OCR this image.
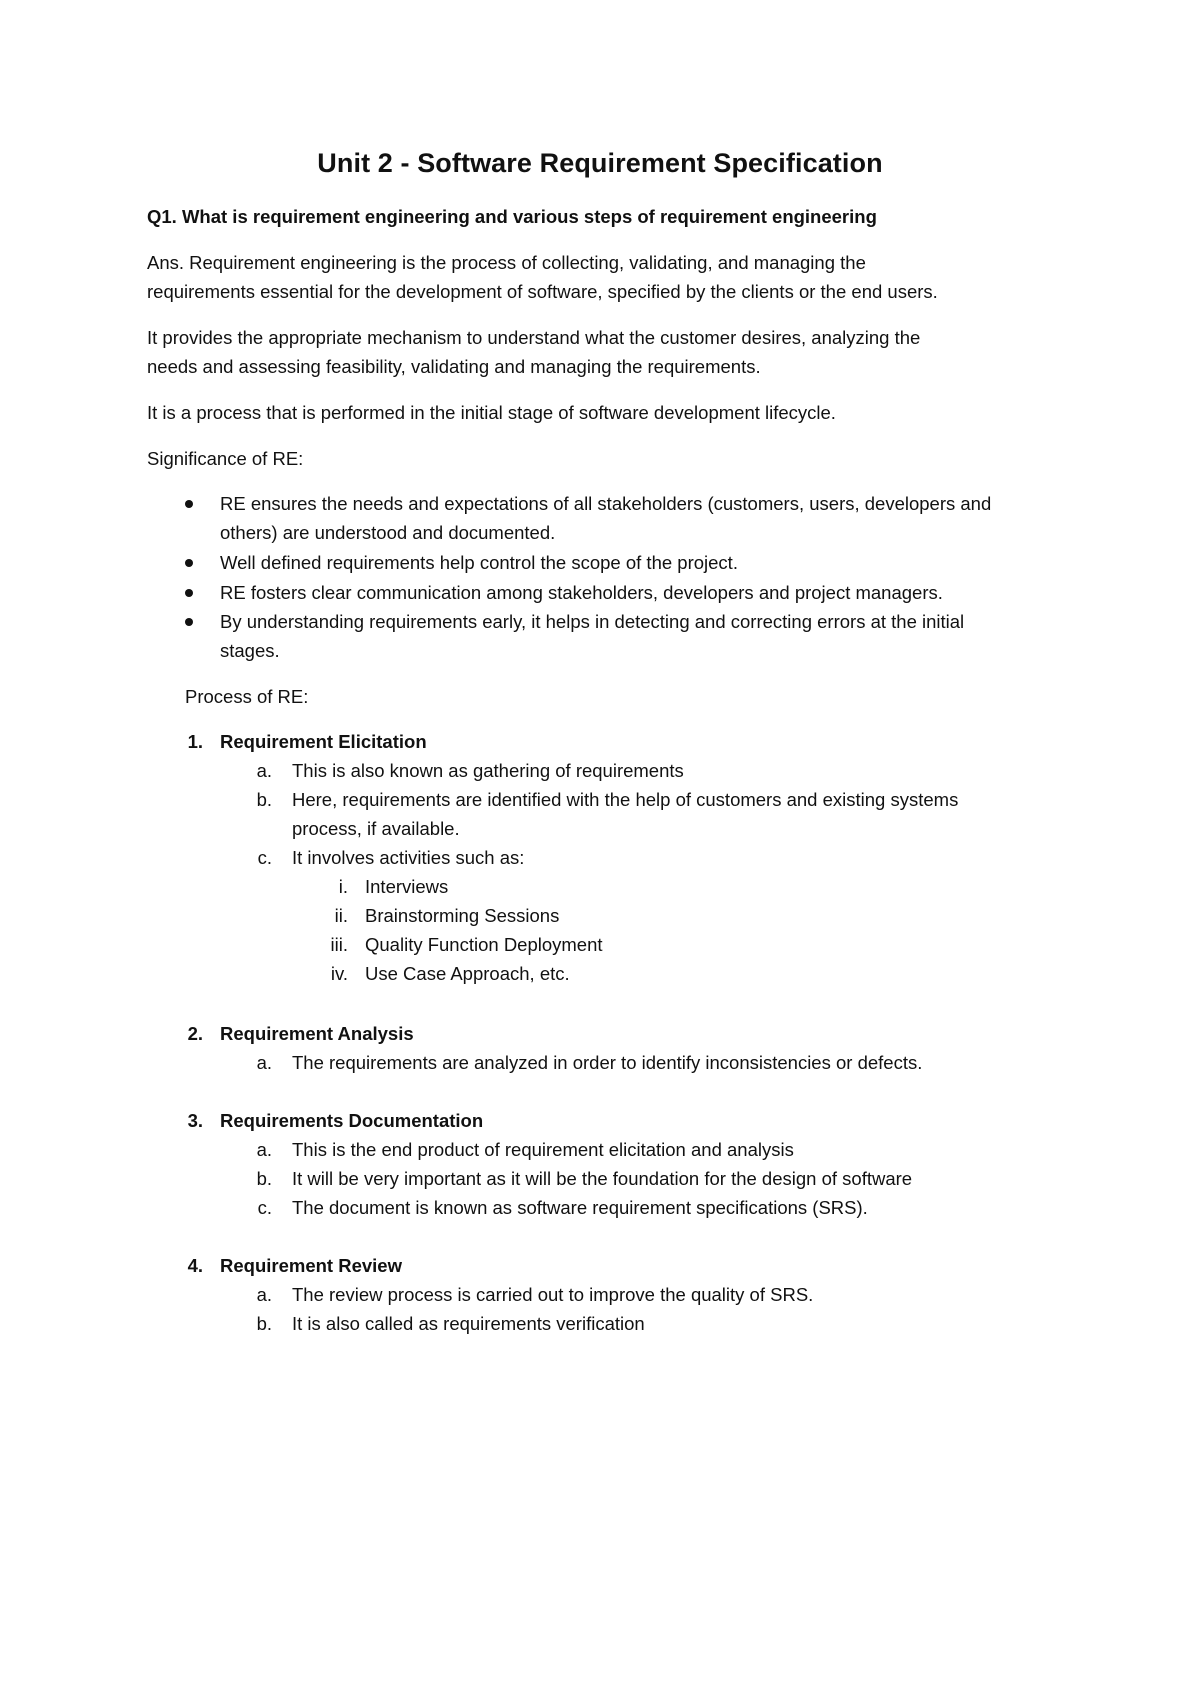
Unit 2 - Software Requirement Specification
Q1. What is requirement engineering and various steps of requirement engineering
Ans. Requirement engineering is the process of collecting, validating, and managing the
requirements essential for the development of software, specified by the clients or the end users.
It provides the appropriate mechanism to understand what the customer desires, analyzing the
needs and assessing feasibility, validating and managing the requirements.
It is a process that is performed in the initial stage of software development lifecycle.
Significance of RE:
RE ensures the needs and expectations of all stakeholders (customers, users, developers and
others) are understood and documented.
Well defined requirements help control the scope of the project.
RE fosters clear communication among stakeholders, developers and project managers.
By understanding requirements early, it helps in detecting and correcting errors at the initial
stages.
Process of RE:
1. Requirement Elicitation
a. This is also known as gathering of requirements
b. Here, requirements are identified with the help of customers and existing systems
process, if available.
c. It involves activities such as:
i. Interviews
ii. Brainstorming Sessions
iii. Quality Function Deployment
iv. Use Case Approach, etc.
2. Requirement Analysis
a. The requirements are analyzed in order to identify inconsistencies or defects.
3. Requirements Documentation
a. This is the end product of requirement elicitation and analysis
b. It will be very important as it will be the foundation for the design of software
c. The document is known as software requirement specifications (SRS).
4. Requirement Review
a. The review process is carried out to improve the quality of SRS.
b. It is also called as requirements verification
